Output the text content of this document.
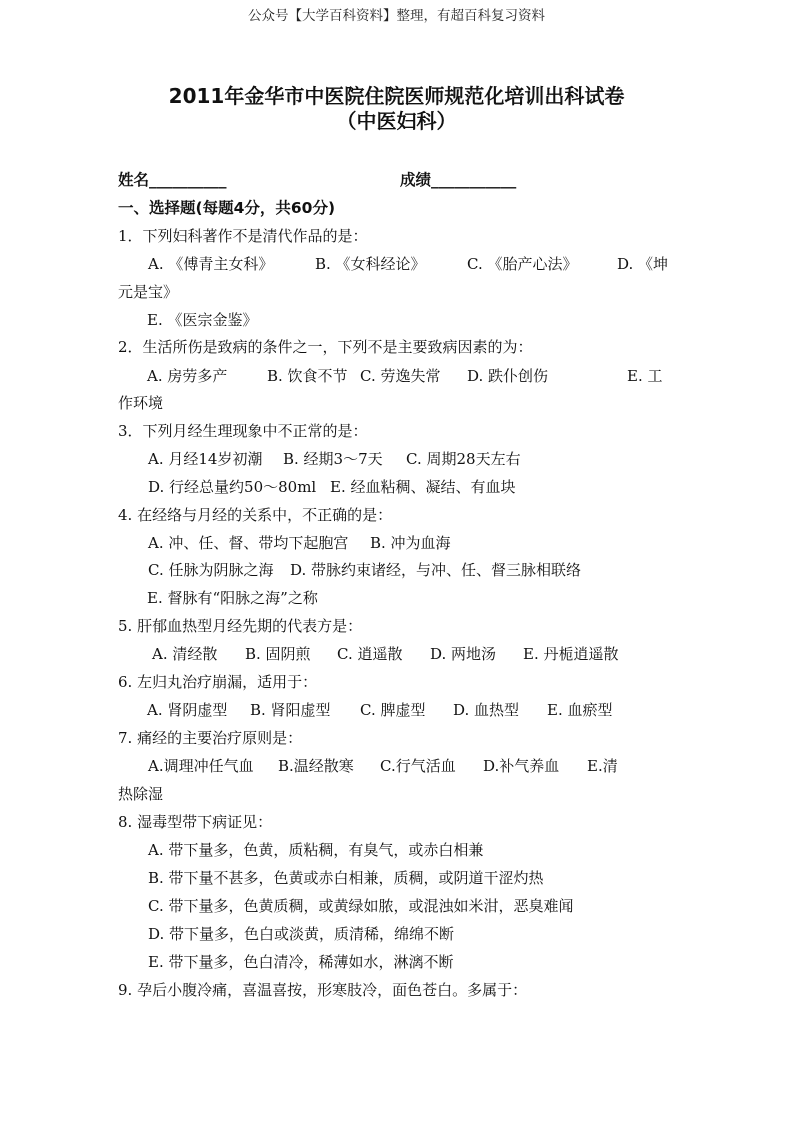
公众号【大学百科资料】整理，有超百科复习资料
2011年金华市中医院住院医师规范化培训出科试卷
（中医妇科）
姓名__________	成绩___________
一、选择题(每题4分，共60分)
1．下列妇科著作不是清代作品的是：
A. 《傅青主女科》	B. 《女科经论》	C. 《胎产心法》	D. 《坤
元是宝》
E. 《医宗金鉴》
2．生活所伤是致病的条件之一，下列不是主要致病因素的为：
A. 房劳多产	B. 饮食不节 C. 劳逸失常 D. 跌仆创伤	E. 工
作环境
3．下列月经生理现象中不正常的是：
A. 月经14岁初潮 B. 经期3～7天 C. 周期28天左右
D. 行经总量约50～80ml E. 经血粘稠、凝结、有血块
4. 在经络与月经的关系中，不正确的是：
A. 冲、任、督、带均下起胞宫 B. 冲为血海
C. 任脉为阴脉之海 D. 带脉约束诸经，与冲、任、督三脉相联络
E. 督脉有“阳脉之海”之称
5. 肝郁血热型月经先期的代表方是：
A. 清经散 B. 固阴煎 C. 逍遥散 D. 两地汤 E. 丹栀逍遥散
6. 左归丸治疗崩漏，适用于：
A. 肾阴虚型 B. 肾阳虚型 C. 脾虚型 D. 血热型 E. 血瘀型
7. 痛经的主要治疗原则是：
A.调理冲任气血 B.温经散寒 C.行气活血 D.补气养血 E.清
热除湿
8. 湿毒型带下病证见：
A. 带下量多，色黄，质粘稠，有臭气，或赤白相兼
B. 带下量不甚多，色黄或赤白相兼，质稠，或阴道干涩灼热
C. 带下量多，色黄质稠，或黄绿如脓，或混浊如米泔，恶臭难闻
D. 带下量多，色白或淡黄，质清稀，绵绵不断
E. 带下量多，色白清冷，稀薄如水，淋漓不断
9. 孕后小腹冷痛，喜温喜按，形寒肢冷，面色苍白。多属于：
